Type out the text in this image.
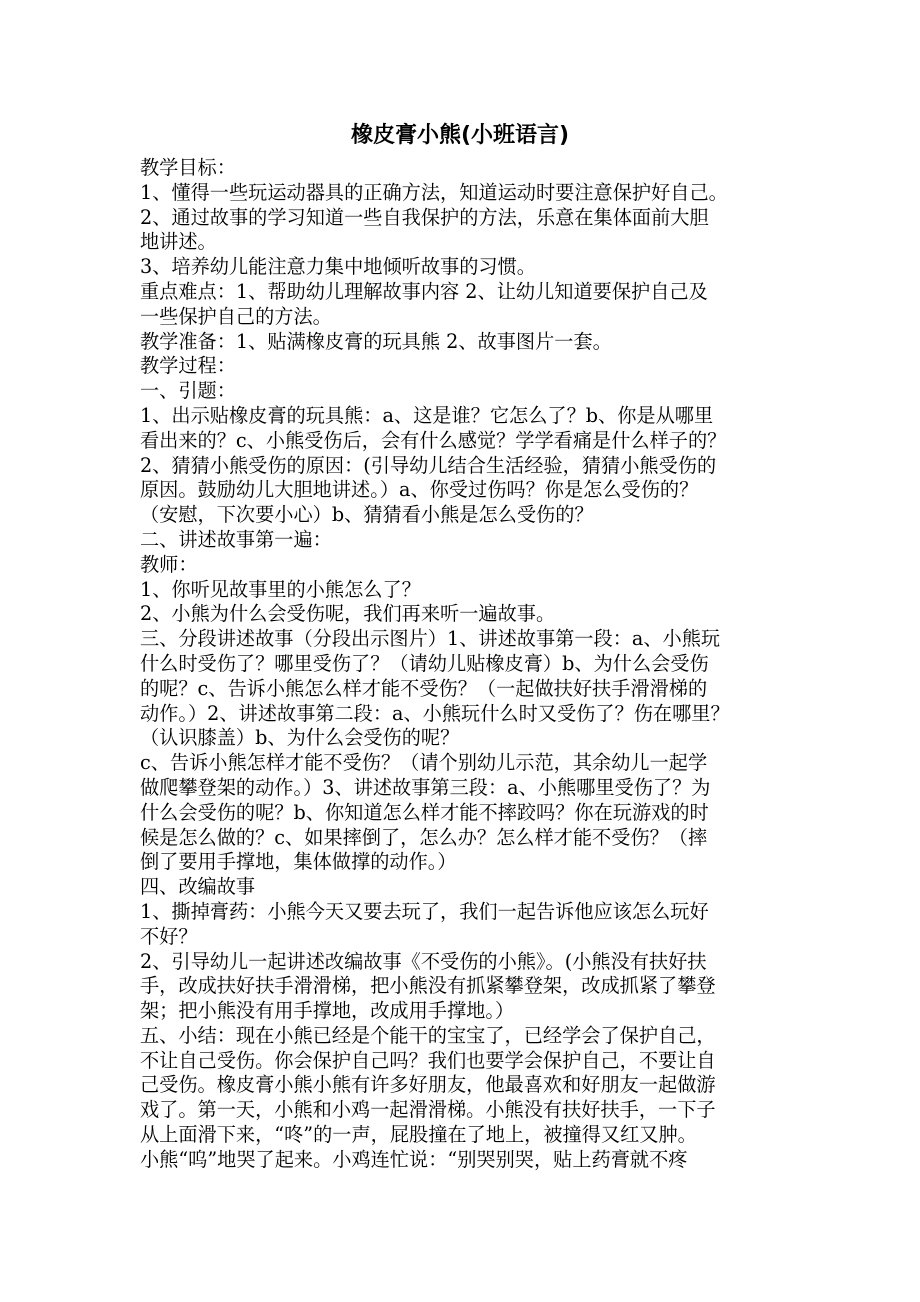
橡皮膏小熊(小班语言)
教学目标：
1、懂得一些玩运动器具的正确方法，知道运动时要注意保护好自己。
2、通过故事的学习知道一些自我保护的方法，乐意在集体面前大胆
地讲述。
3、培养幼儿能注意力集中地倾听故事的习惯。
重点难点：1、帮助幼儿理解故事内容 2、让幼儿知道要保护自己及
一些保护自己的方法。
教学准备：1、贴满橡皮膏的玩具熊 2、故事图片一套。
教学过程：
一、引题：
1、出示贴橡皮膏的玩具熊：a、这是谁？它怎么了？b、你是从哪里
看出来的？c、小熊受伤后，会有什么感觉？学学看痛是什么样子的？
2、猜猜小熊受伤的原因：(引导幼儿结合生活经验，猜猜小熊受伤的
原因。鼓励幼儿大胆地讲述。）a、你受过伤吗？你是怎么受伤的？
（安慰，下次要小心）b、猜猜看小熊是怎么受伤的？
二、讲述故事第一遍：
教师：
1、你听见故事里的小熊怎么了？
2、小熊为什么会受伤呢，我们再来听一遍故事。
三、分段讲述故事（分段出示图片）1、讲述故事第一段：a、小熊玩
什么时受伤了？哪里受伤了？（请幼儿贴橡皮膏）b、为什么会受伤
的呢？c、告诉小熊怎么样才能不受伤？（一起做扶好扶手滑滑梯的
动作。）2、讲述故事第二段：a、小熊玩什么时又受伤了？伤在哪里？
（认识膝盖）b、为什么会受伤的呢？
c、告诉小熊怎样才能不受伤？（请个别幼儿示范，其余幼儿一起学
做爬攀登架的动作。）3、讲述故事第三段：a、小熊哪里受伤了？为
什么会受伤的呢？b、你知道怎么样才能不摔跤吗？你在玩游戏的时
候是怎么做的？c、如果摔倒了，怎么办？怎么样才能不受伤？（摔
倒了要用手撑地，集体做撑的动作。）
四、改编故事
1、撕掉膏药：小熊今天又要去玩了，我们一起告诉他应该怎么玩好
不好？
2、引导幼儿一起讲述改编故事《不受伤的小熊》。(小熊没有扶好扶
手，改成扶好扶手滑滑梯，把小熊没有抓紧攀登架，改成抓紧了攀登
架；把小熊没有用手撑地，改成用手撑地。）
五、小结：现在小熊已经是个能干的宝宝了，已经学会了保护自己，
不让自己受伤。你会保护自己吗？我们也要学会保护自己，不要让自
己受伤。橡皮膏小熊小熊有许多好朋友，他最喜欢和好朋友一起做游
戏了。第一天，小熊和小鸡一起滑滑梯。小熊没有扶好扶手，一下子
从上面滑下来，“咚”的一声，屁股撞在了地上，被撞得又红又肿。
小熊“呜”地哭了起来。小鸡连忙说：“别哭别哭，贴上药膏就不疼
